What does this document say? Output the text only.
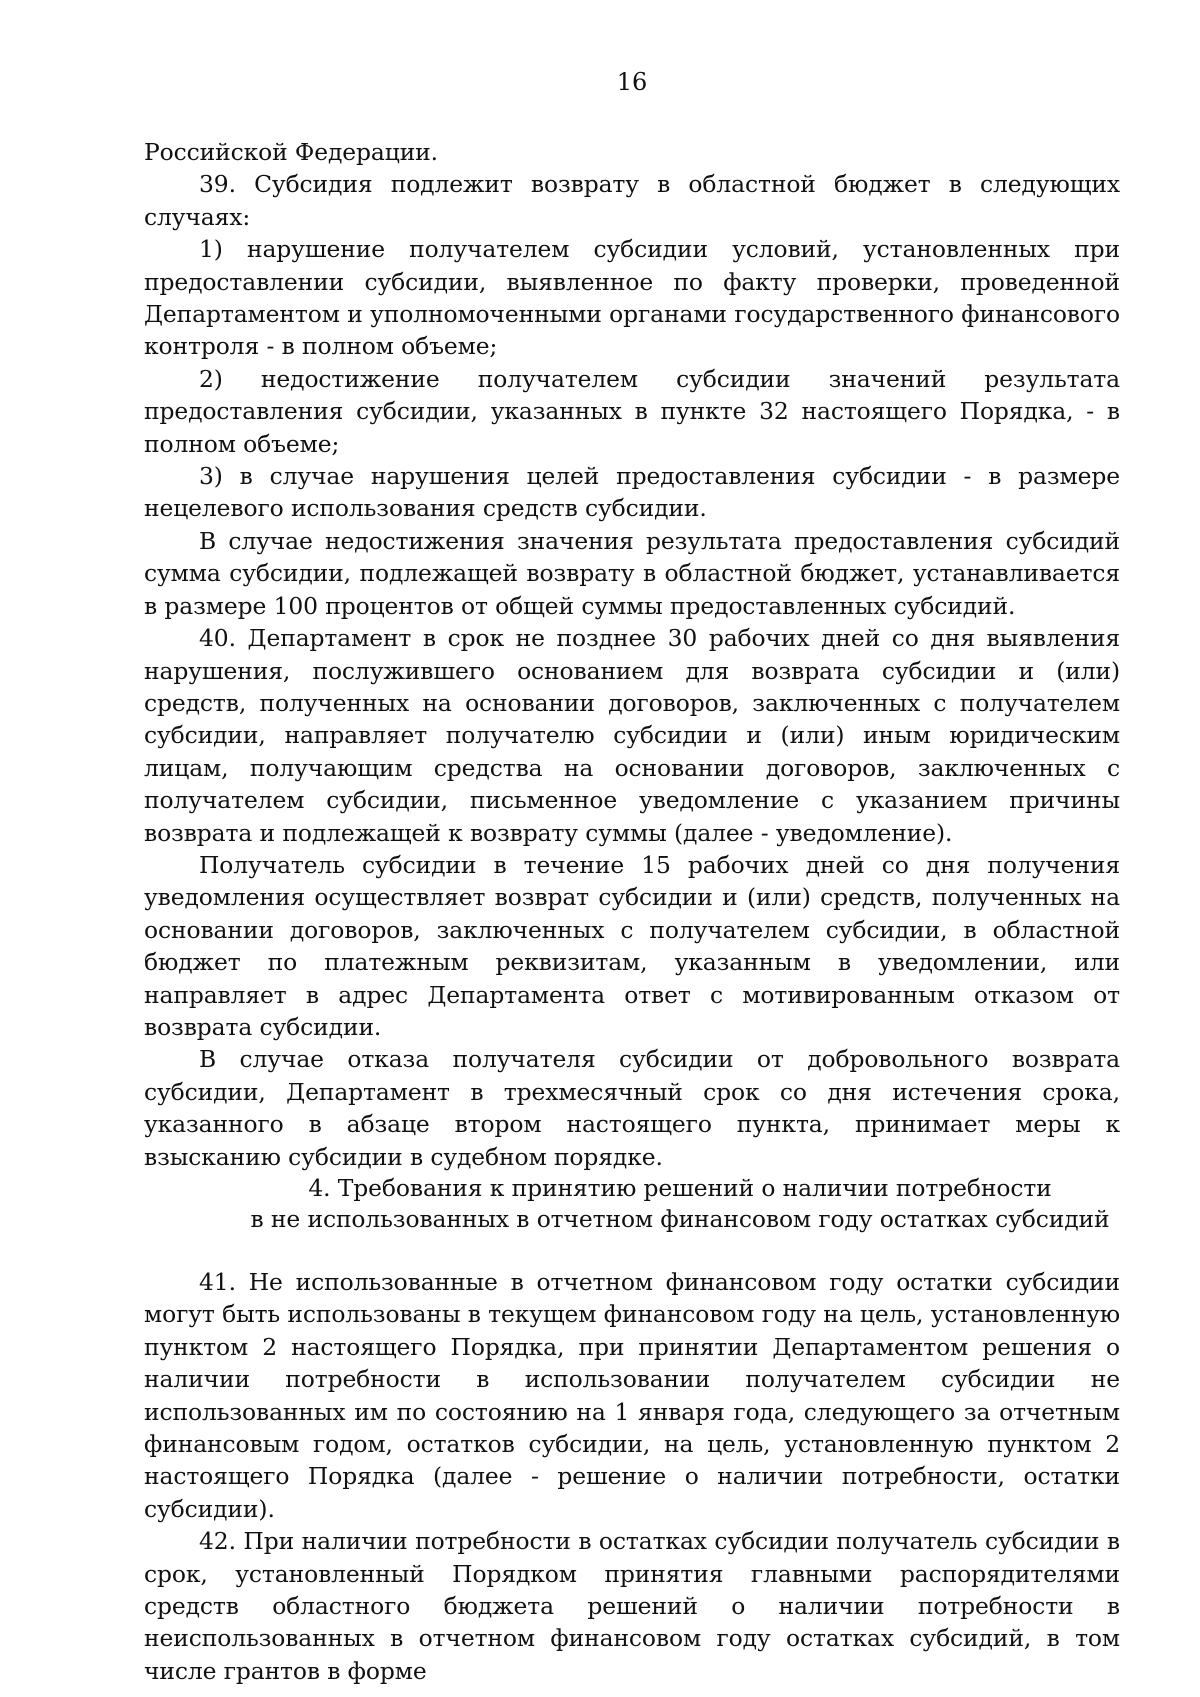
16

Российской Федерации.

39. Субсидия подлежит возврату в областной бюджет в следующих случаях:

1) нарушение получателем субсидии условий, установленных при предоставлении субсидии, выявленное по факту проверки, проведенной Департаментом и уполномоченными органами государственного финансового контроля - в полном объеме;

2) недостижение получателем субсидии значений результата предоставления субсидии, указанных в пункте 32 настоящего Порядка, - в полном объеме;

3) в случае нарушения целей предоставления субсидии - в размере нецелевого использования средств субсидии.

В случае недостижения значения результата предоставления субсидий сумма субсидии, подлежащей возврату в областной бюджет, устанавливается в размере 100 процентов от общей суммы предоставленных субсидий.

40. Департамент в срок не позднее 30 рабочих дней со дня выявления нарушения, послужившего основанием для возврата субсидии и (или) средств, полученных на основании договоров, заключенных с получателем субсидии, направляет получателю субсидии и (или) иным юридическим лицам, получающим средства на основании договоров, заключенных с получателем субсидии, письменное уведомление с указанием причины возврата и подлежащей к возврату суммы (далее - уведомление).

Получатель субсидии в течение 15 рабочих дней со дня получения уведомления осуществляет возврат субсидии и (или) средств, полученных на основании договоров, заключенных с получателем субсидии, в областной бюджет по платежным реквизитам, указанным в уведомлении, или направляет в адрес Департамента ответ с мотивированным отказом от возврата субсидии.

В случае отказа получателя субсидии от добровольного возврата субсидии, Департамент в трехмесячный срок со дня истечения срока, указанного в абзаце втором настоящего пункта, принимает меры к взысканию субсидии в судебном порядке.

4. Требования к принятию решений о наличии потребности
в не использованных в отчетном финансовом году остатках субсидий

41. Не использованные в отчетном финансовом году остатки субсидии могут быть использованы в текущем финансовом году на цель, установленную пунктом 2 настоящего Порядка, при принятии Департаментом решения о наличии потребности в использовании получателем субсидии не использованных им по состоянию на 1 января года, следующего за отчетным финансовым годом, остатков субсидии, на цель, установленную пунктом 2 настоящего Порядка (далее - решение о наличии потребности, остатки субсидии).

42. При наличии потребности в остатках субсидии получатель субсидии в срок, установленный Порядком принятия главными распорядителями средств областного бюджета решений о наличии потребности в неиспользованных в отчетном финансовом году остатках субсидий, в том числе грантов в форме
